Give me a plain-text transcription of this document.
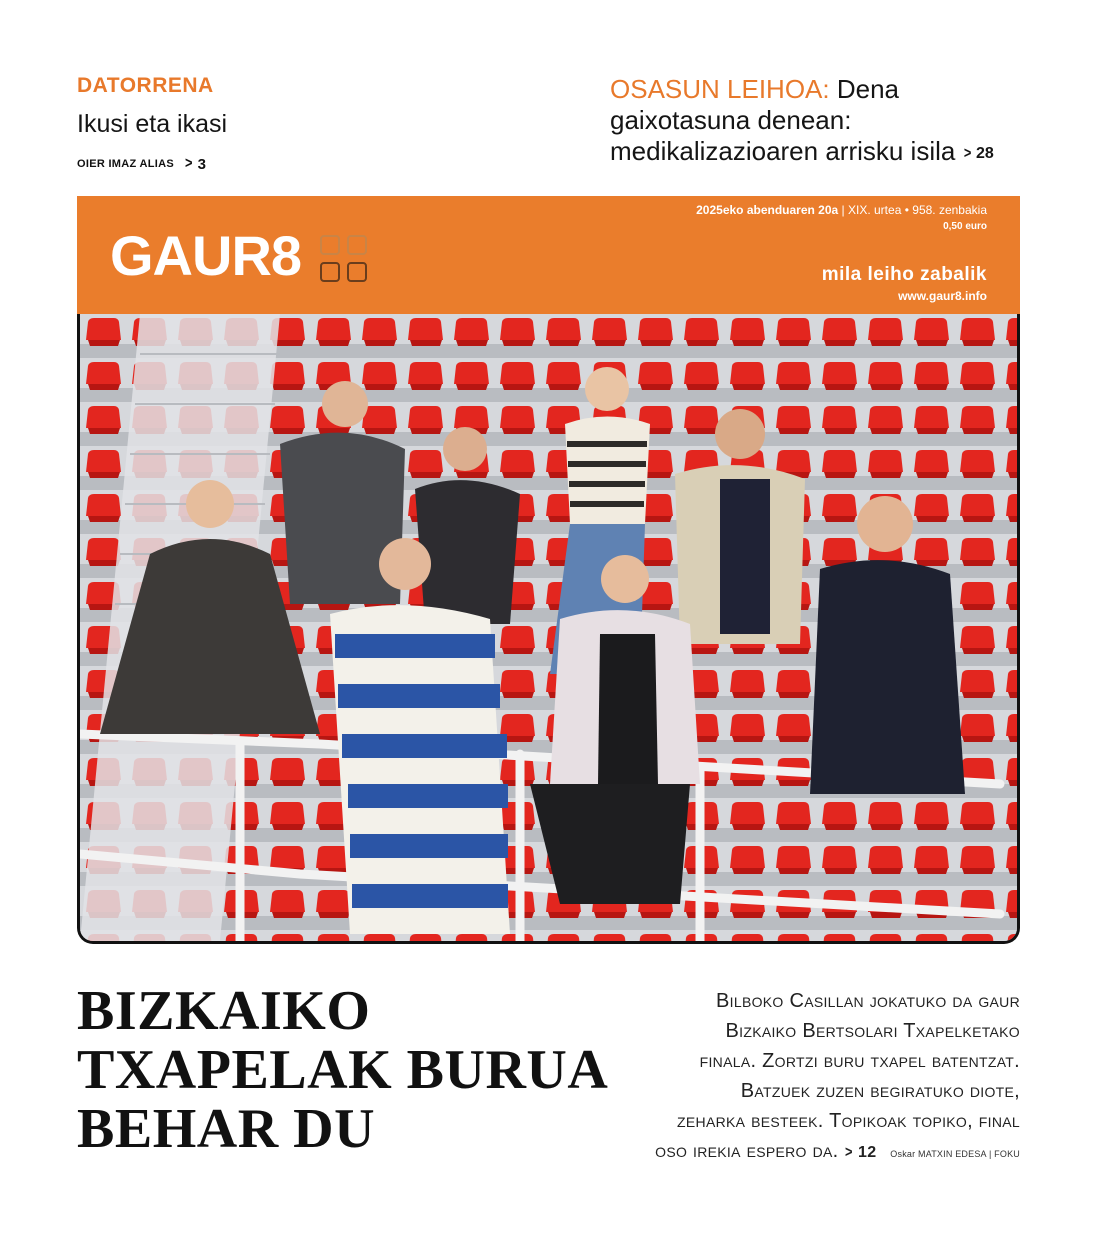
DATORRENA
Ikusi eta ikasi
OIER IMAZ ALIAS > 3
OSASUN LEIHOA: Dena
gaixotasuna denean:
medikalizazioaren arrisku isila > 28
GAUR8
2025eko abenduaren 20a | XIX. urtea • 958. zenbakia
0,50 euro
mila leiho zabalik
www.gaur8.info
BIZKAIKO
TXAPELAK BURUA
BEHAR DU
Bilboko Casillan jokatuko da gaur
Bizkaiko Bertsolari Txapelketako
finala. Zortzi buru txapel batentzat.
Batzuek zuzen begiratuko diote,
zeharka besteek. Topikoak topiko, final
oso irekia espero da. > 12 Oskar MATXIN EDESA | FOKU
